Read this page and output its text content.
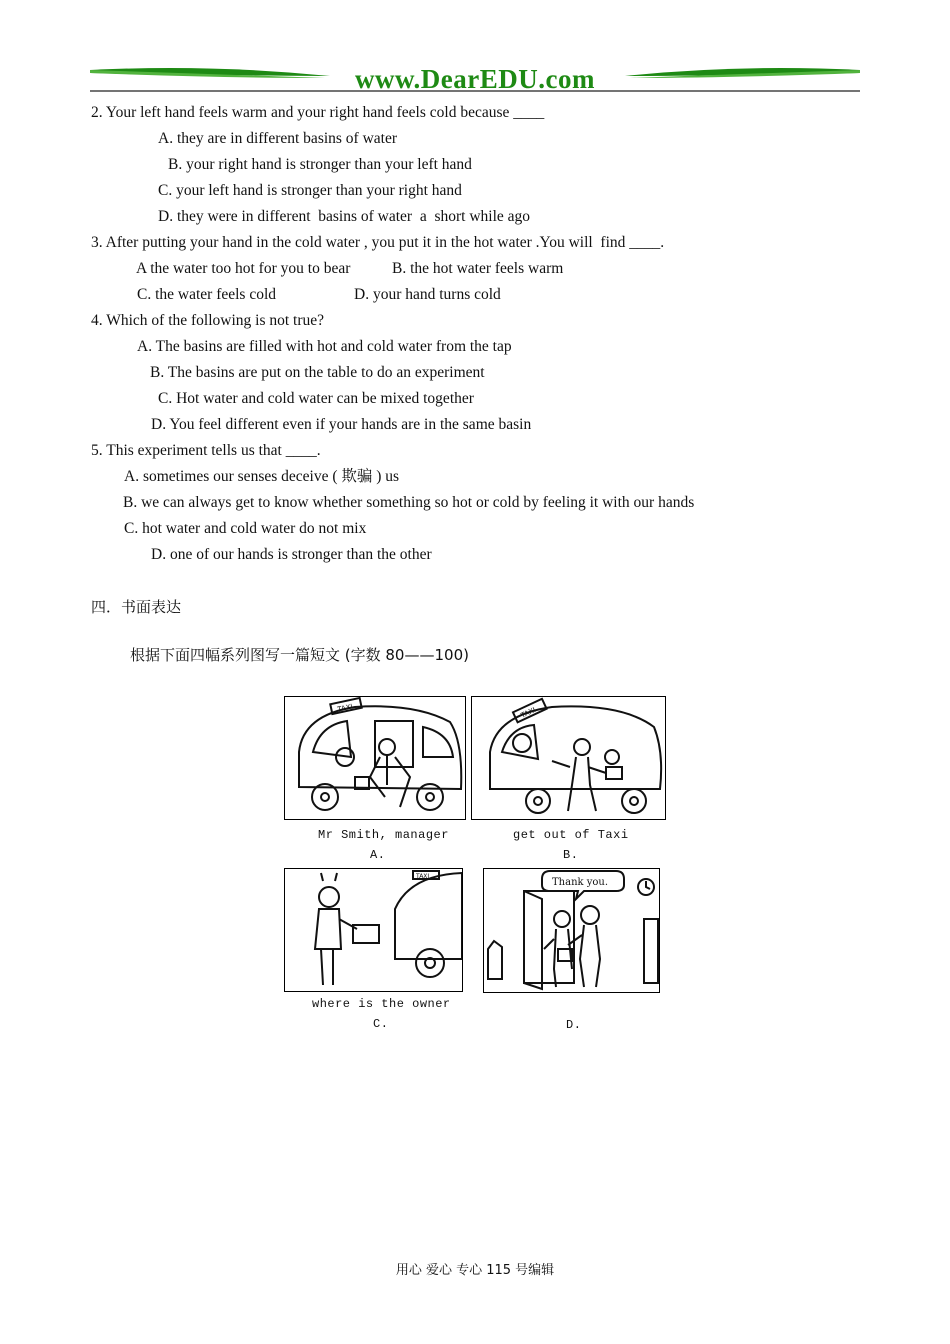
www.DearEDU.com
2. Your left hand feels warm and your right hand feels cold because ____
A. they are in different basins of water
B. your right hand is stronger than your left hand
C. your left hand is stronger than your right hand
D. they were in different  basins of water  a  short while ago
3. After putting your hand in the cold water , you put it in the hot water .You will  find ____.
A the water too hot for you to bear	B. the hot water feels warm
C. the water feels cold	D. your hand turns cold
4. Which of the following is not true?
A. The basins are filled with hot and cold water from the tap
B. The basins are put on the table to do an experiment
C. Hot water and cold water can be mixed together
D. You feel different even if your hands are in the same basin
5. This experiment tells us that ____.
A. sometimes our senses deceive ( 欺骗 ) us
B. we can always get to know whether something so hot or cold by feeling it with our hands
C. hot water and cold water do not mix
D. one of our hands is stronger than the other
四．书面表达
根据下面四幅系列图写一篇短文 (字数 80——100)
TAXI
Mr Smith, manager
A.
TAXI
get out of Taxi
B.
TAXI
where is the owner
C.
Thank you.
D.
用心 爱心 专心 115 号编辑
